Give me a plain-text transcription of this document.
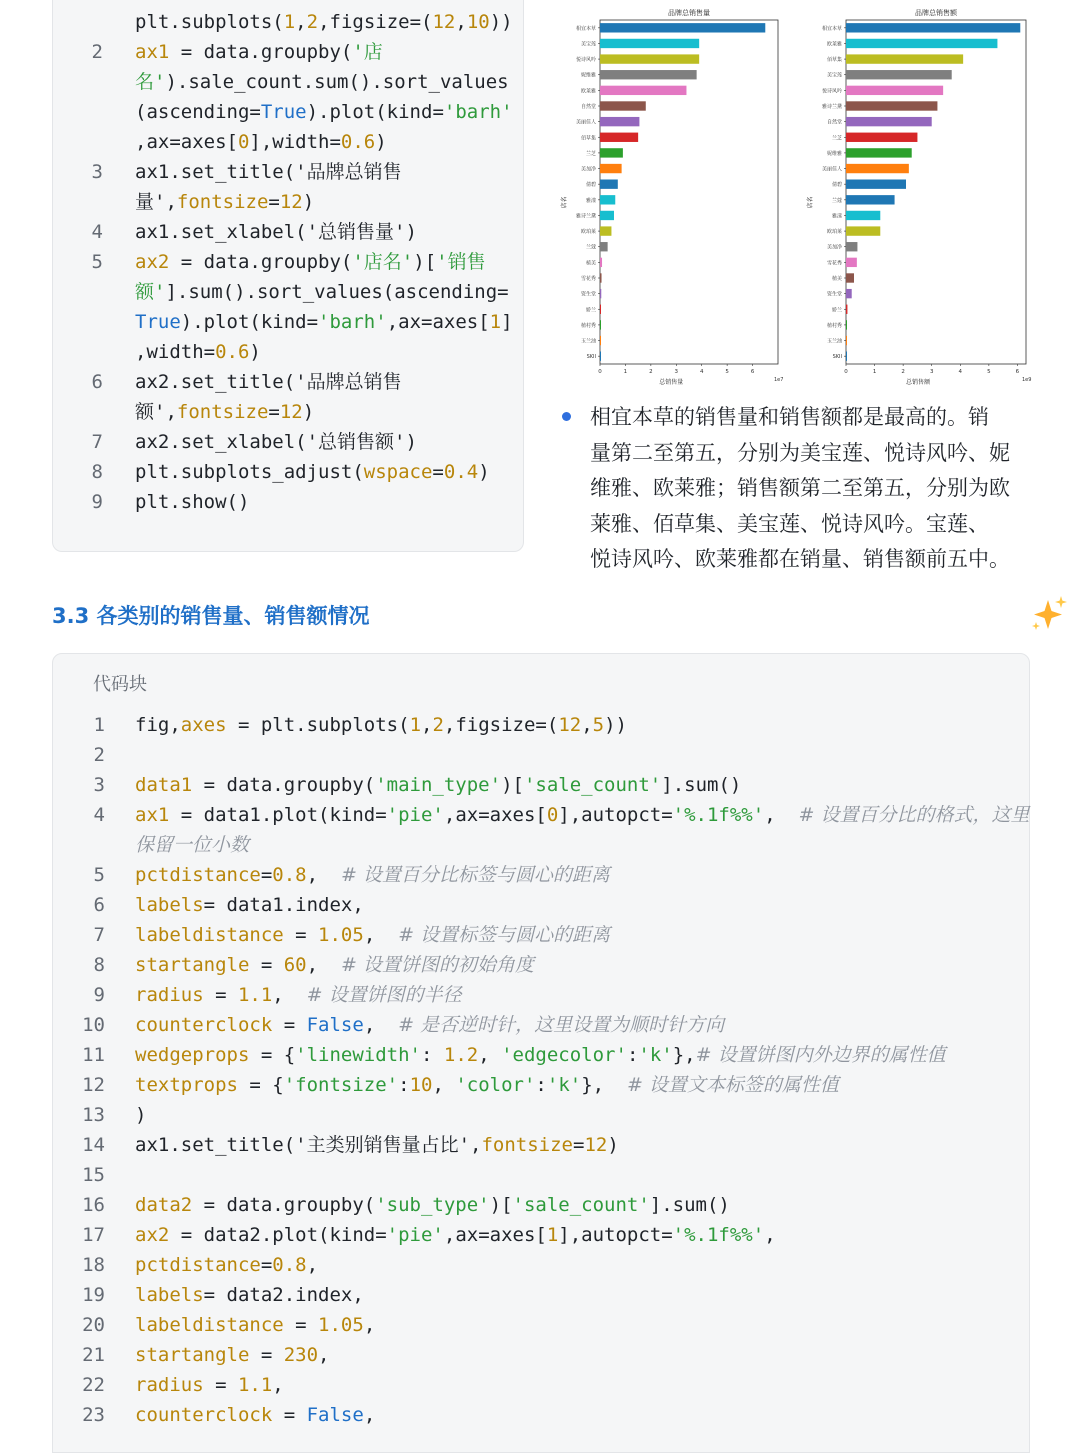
plt.subplots(1,2,figsize=(12,10))
2 ax1 = data.groupby('店
名').sale_count.sum().sort_values
(ascending=True).plot(kind='barh'
,ax=axes[0],width=0.6)
3 ax1.set_title('品牌总销售
量',fontsize=12)
4 ax1.set_xlabel('总销售量')
5 ax2 = data.groupby('店名')['销售
额'].sum().sort_values(ascending=
True).plot(kind='barh',ax=axes[1]
,width=0.6)
6 ax2.set_title('品牌总销售
额',fontsize=12)
7 ax2.set_xlabel('总销售额')
8 plt.subplots_adjust(wspace=0.4)
9 plt.show()
品牌总销售量
相宜本草
美宝莲
悦诗风吟
妮维雅
欧莱雅
自然堂
美丽佳人
佰草集
兰芝
美加净
倩碧
雅漾
雅诗兰黛
欧珀莱
兰蔻
植美
雪花秀
资生堂
娇兰
植村秀
玉兰油
SKII
0	1	2	3	4	5	6
1e7
总销售量
店名
品牌总销售额
相宜本草
欧莱雅
佰草集
美宝莲
悦诗风吟
雅诗兰黛
自然堂
兰芝
妮维雅
美丽佳人
倩碧
兰蔻
雅漾
欧珀莱
美加净
雪花秀
植美
资生堂
娇兰
植村秀
玉兰油
SKII
0	1	2	3	4	5	6
1e9
总销售额
店名
相宜本草的销售量和销售额都是最高的。销
量第二至第五，分别为美宝莲、悦诗风吟、妮
维雅、欧莱雅；销售额第二至第五，分别为欧
莱雅、佰草集、美宝莲、悦诗风吟。宝莲、
悦诗风吟、欧莱雅都在销量、销售额前五中。
3.3 各类别的销售量、销售额情况
代码块
1 fig,axes = plt.subplots(1,2,figsize=(12,5))
2
3 data1 = data.groupby('main_type')['sale_count'].sum()
4 ax1 = data1.plot(kind='pie',ax=axes[0],autopct='%.1f%%',  # 设置百分比的格式，这里
保留一位小数
5 pctdistance=0.8,  # 设置百分比标签与圆心的距离
6 labels= data1.index,
7 labeldistance = 1.05,  # 设置标签与圆心的距离
8 startangle = 60,  # 设置饼图的初始角度
9 radius = 1.1,  # 设置饼图的半径
10 counterclock = False,  # 是否逆时针，这里设置为顺时针方向
11 wedgeprops = {'linewidth': 1.2, 'edgecolor':'k'},# 设置饼图内外边界的属性值
12 textprops = {'fontsize':10, 'color':'k'},  # 设置文本标签的属性值
13 )
14 ax1.set_title('主类别销售量占比',fontsize=12)
15
16 data2 = data.groupby('sub_type')['sale_count'].sum()
17 ax2 = data2.plot(kind='pie',ax=axes[1],autopct='%.1f%%',
18 pctdistance=0.8,
19 labels= data2.index,
20 labeldistance = 1.05,
21 startangle = 230,
22 radius = 1.1,
23 counterclock = False,
